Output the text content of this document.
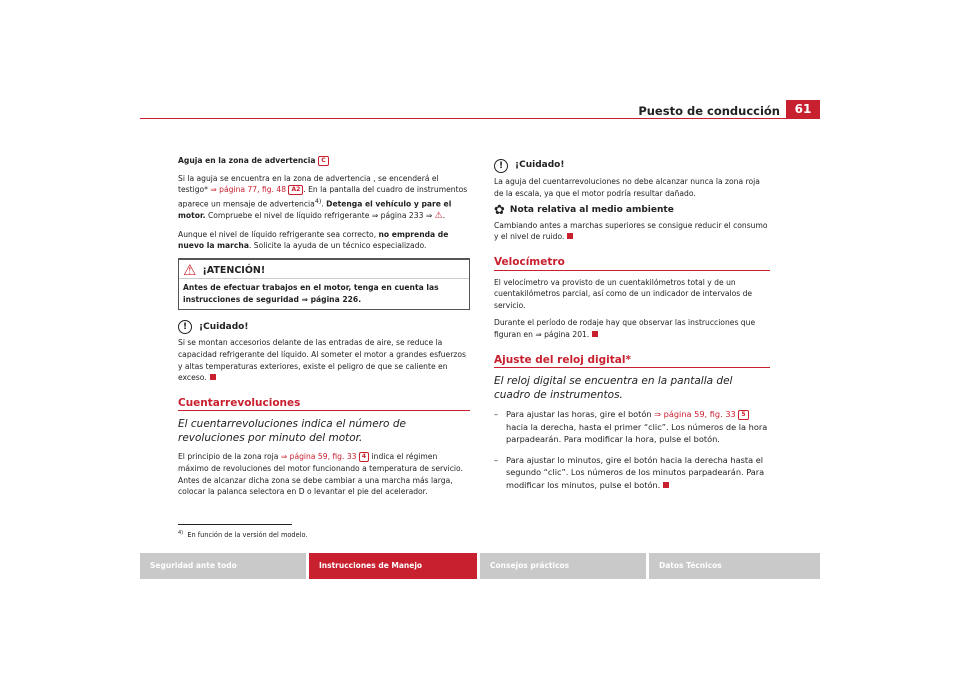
Puesto de conducción	61

Aguja en la zona de advertencia C

Si la aguja se encuentra en la zona de advertencia , se encenderá el testigo* ⇒ página 77, fig. 48 A2 . En la pantalla del cuadro de instrumentos aparece un mensaje de advertencia$^{4)}$. Detenga el vehículo y pare el motor. Compruebe el nivel de líquido refrigerante ⇒ página 233 ⇒ ⚠.

Aunque el nivel de líquido refrigerante sea correcto, no emprenda de nuevo la marcha. Solicite la ayuda de un técnico especializado.

⚠ ¡ATENCIÓN!
Antes de efectuar trabajos en el motor, tenga en cuenta las instrucciones de seguridad ⇒ página 226.
!	¡Cuidado!

Si se montan accesorios delante de las entradas de aire, se reduce la capacidad refrigerante del líquido. Al someter el motor a grandes esfuerzos y altas temperaturas exteriores, existe el peligro de que se caliente en exceso.

Cuentarrevoluciones
El cuentarrevoluciones indica el número de revoluciones por minuto del motor.

El principio de la zona roja ⇒ página 59, fig. 33 4 indica el régimen máximo de revoluciones del motor funcionando a temperatura de servicio. Antes de alcanzar dicha zona se debe cambiar a una marcha más larga, colocar la palanca selectora en D o levantar el pie del acelerador.

$^{4)}$ En función de la versión del modelo.
!	¡Cuidado!

La aguja del cuentarrevoluciones no debe alcanzar nunca la zona roja de la escala, ya que el motor podría resultar dañado.

✿ Nota relativa al medio ambiente

Cambiando antes a marchas superiores se consigue reducir el consumo y el nivel de ruido.

Velocímetro

El velocímetro va provisto de un cuentakilómetros total y de un cuentakilómetros parcial, así como de un indicador de intervalos de servicio.

Durante el período de rodaje hay que observar las instrucciones que figuran en ⇒ página 201.

Ajuste del reloj digital*
El reloj digital se encuentra en la pantalla del cuadro de instrumentos.
– Para ajustar las horas, gire el botón ⇒ página 59, fig. 33 5 hacia la derecha, hasta el primer “clic”. Los números de la hora parpadearán. Para modificar la hora, pulse el botón.
– Para ajustar lo minutos, gire el botón hacia la derecha hasta el segundo “clic”. Los números de los minutos parpadearán. Para modificar los minutos, pulse el botón.
Seguridad ante todo	Instrucciones de Manejo	Consejos prácticos	Datos Técnicos
